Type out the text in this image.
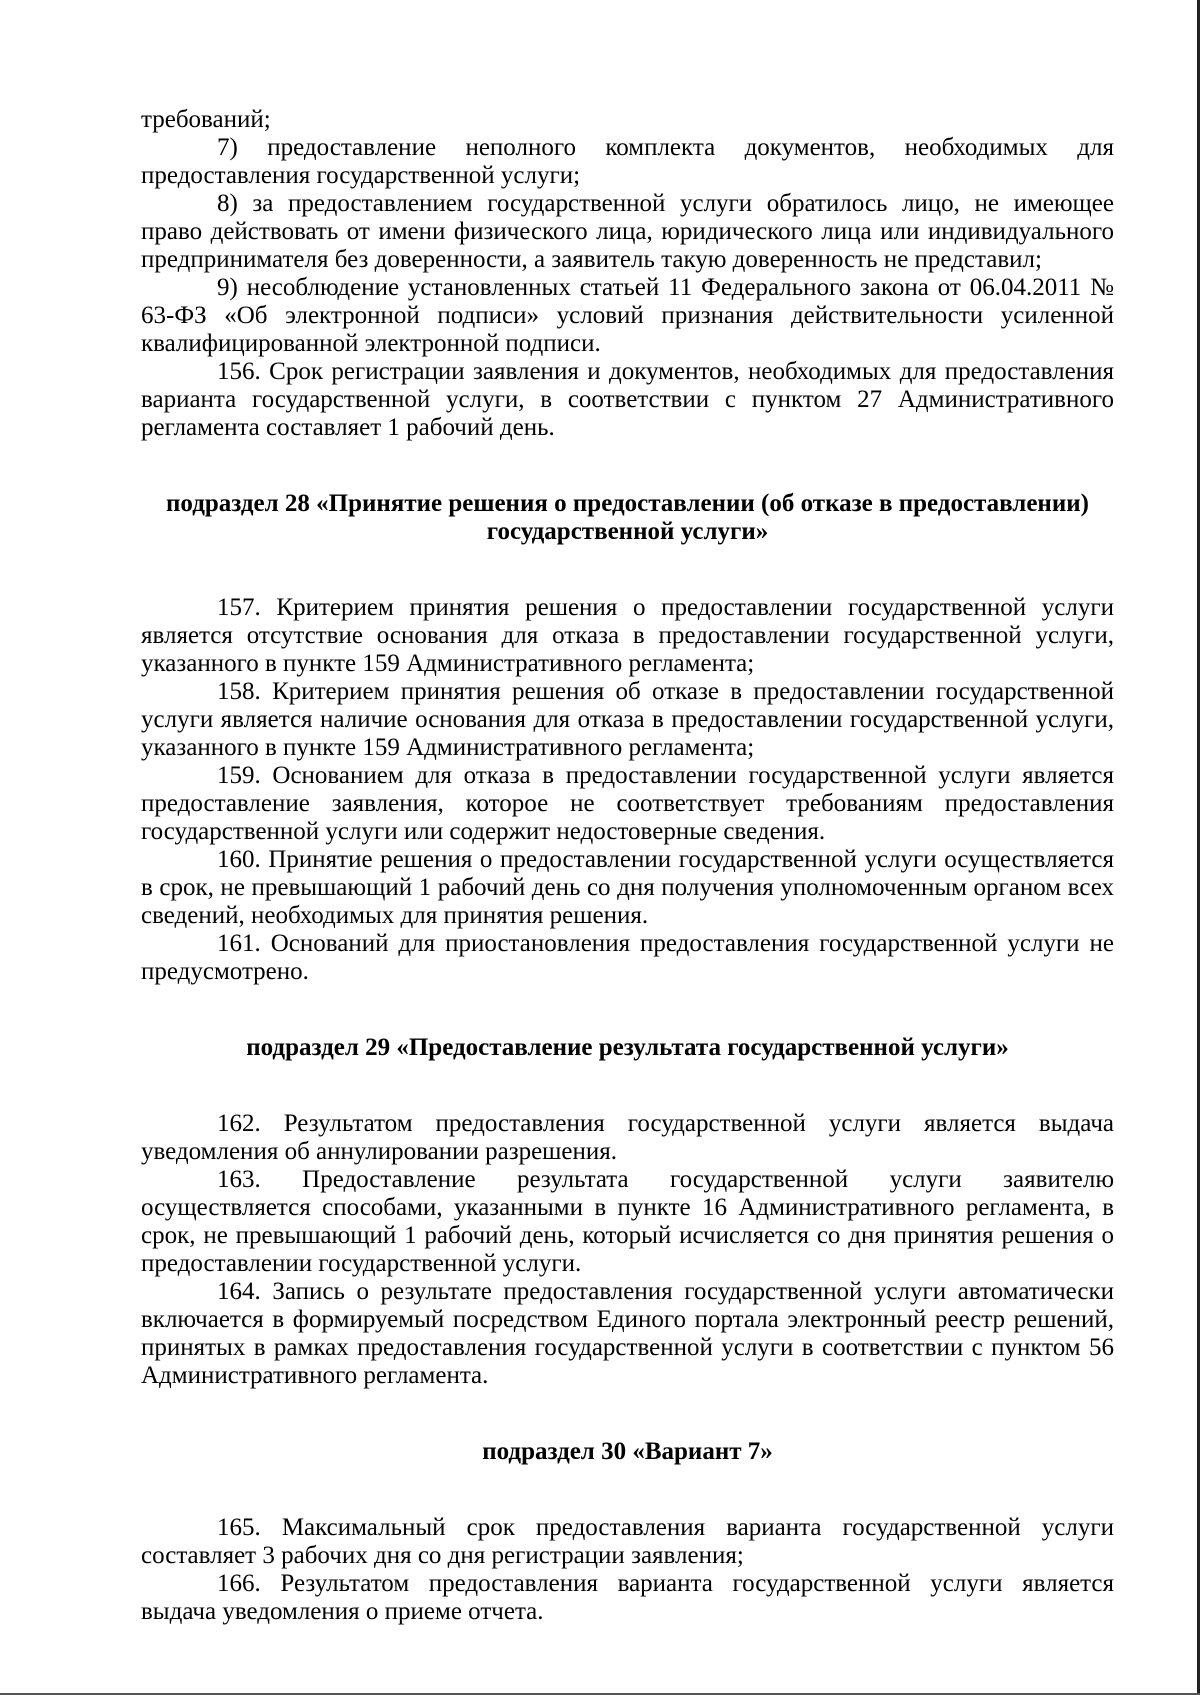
требований;

7) предоставление неполного комплекта документов, необходимых для предоставления государственной услуги;

8) за предоставлением государственной услуги обратилось лицо, не имеющее право действовать от имени физического лица, юридического лица или индивидуального предпринимателя без доверенности, а заявитель такую доверенность не представил;

9) несоблюдение установленных статьей 11 Федерального закона от 06.04.2011 № 63-ФЗ «Об электронной подписи» условий признания действительности усиленной квалифицированной электронной подписи.

156. Срок регистрации заявления и документов, необходимых для предоставления варианта государственной услуги, в соответствии с пунктом 27 Административного регламента составляет 1 рабочий день.

подраздел 28 «Принятие решения о предоставлении (об отказе в предоставлении)
государственной услуги»

157. Критерием принятия решения о предоставлении государственной услуги является отсутствие основания для отказа в предоставлении государственной услуги, указанного в пункте 159 Административного регламента;

158. Критерием принятия решения об отказе в предоставлении государственной услуги является наличие основания для отказа в предоставлении государственной услуги, указанного в пункте 159 Административного регламента;

159. Основанием для отказа в предоставлении государственной услуги является предоставление заявления, которое не соответствует требованиям предоставления государственной услуги или содержит недостоверные сведения.

160. Принятие решения о предоставлении государственной услуги осуществляется в срок, не превышающий 1 рабочий день со дня получения уполномоченным органом всех сведений, необходимых для принятия решения.

161. Оснований для приостановления предоставления государственной услуги не предусмотрено.

подраздел 29 «Предоставление результата государственной услуги»

162. Результатом предоставления государственной услуги является выдача уведомления об аннулировании разрешения.

163. Предоставление результата государственной услуги заявителю осуществляется способами, указанными в пункте 16 Административного регламента, в срок, не превышающий 1 рабочий день, который исчисляется со дня принятия решения о предоставлении государственной услуги.

164. Запись о результате предоставления государственной услуги автоматически включается в формируемый посредством Единого портала электронный реестр решений, принятых в рамках предоставления государственной услуги в соответствии с пунктом 56 Административного регламента.

подраздел 30 «Вариант 7»

165. Максимальный срок предоставления варианта государственной услуги составляет 3 рабочих дня со дня регистрации заявления;

166. Результатом предоставления варианта государственной услуги является выдача уведомления о приеме отчета.
